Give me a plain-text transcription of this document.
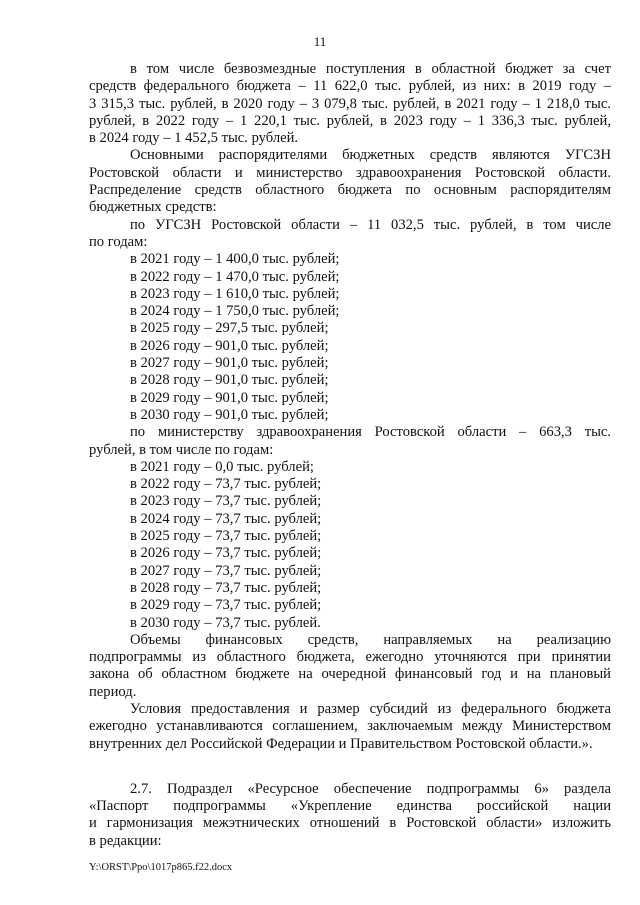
11

в том числе безвозмездные поступления в областной бюджет за счет

средств федерального бюджета – 11 622,0 тыс. рублей, из них: в 2019 году –

3 315,3 тыс. рублей, в 2020 году – 3 079,8 тыс. рублей, в 2021 году – 1 218,0 тыс.

рублей, в 2022 году – 1 220,1 тыс. рублей, в 2023 году – 1 336,3 тыс. рублей,

в 2024 году – 1 452,5 тыс. рублей.

Основными распорядителями бюджетных средств являются УГСЗН

Ростовской области и министерство здравоохранения Ростовской области.

Распределение средств областного бюджета по основным распорядителям

бюджетных средств:

по УГСЗН Ростовской области – 11 032,5 тыс. рублей, в том числе

по годам:

в 2021 году – 1 400,0 тыс. рублей;

в 2022 году – 1 470,0 тыс. рублей;

в 2023 году – 1 610,0 тыс. рублей;

в 2024 году – 1 750,0 тыс. рублей;

в 2025 году – 297,5 тыс. рублей;

в 2026 году – 901,0 тыс. рублей;

в 2027 году – 901,0 тыс. рублей;

в 2028 году – 901,0 тыс. рублей;

в 2029 году – 901,0 тыс. рублей;

в 2030 году – 901,0 тыс. рублей;

по министерству здравоохранения Ростовской области – 663,3 тыс.

рублей, в том числе по годам:

в 2021 году – 0,0 тыс. рублей;

в 2022 году – 73,7 тыс. рублей;

в 2023 году – 73,7 тыс. рублей;

в 2024 году – 73,7 тыс. рублей;

в 2025 году – 73,7 тыс. рублей;

в 2026 году – 73,7 тыс. рублей;

в 2027 году – 73,7 тыс. рублей;

в 2028 году – 73,7 тыс. рублей;

в 2029 году – 73,7 тыс. рублей;

в 2030 году – 73,7 тыс. рублей.

Объемы финансовых средств, направляемых на реализацию

подпрограммы из областного бюджета, ежегодно уточняются при принятии

закона об областном бюджете на очередной финансовый год и на плановый

период.

Условия предоставления и размер субсидий из федерального бюджета

ежегодно устанавливаются соглашением, заключаемым между Министерством

внутренних дел Российской Федерации и Правительством Ростовской области.».

2.7. Подраздел «Ресурсное обеспечение подпрограммы 6» раздела

«Паспорт подпрограммы «Укрепление единства российской нации

и гармонизация межэтнических отношений в Ростовской области» изложить

в редакции:

Y:\ORST\Ppo\1017p865.f22.docx
